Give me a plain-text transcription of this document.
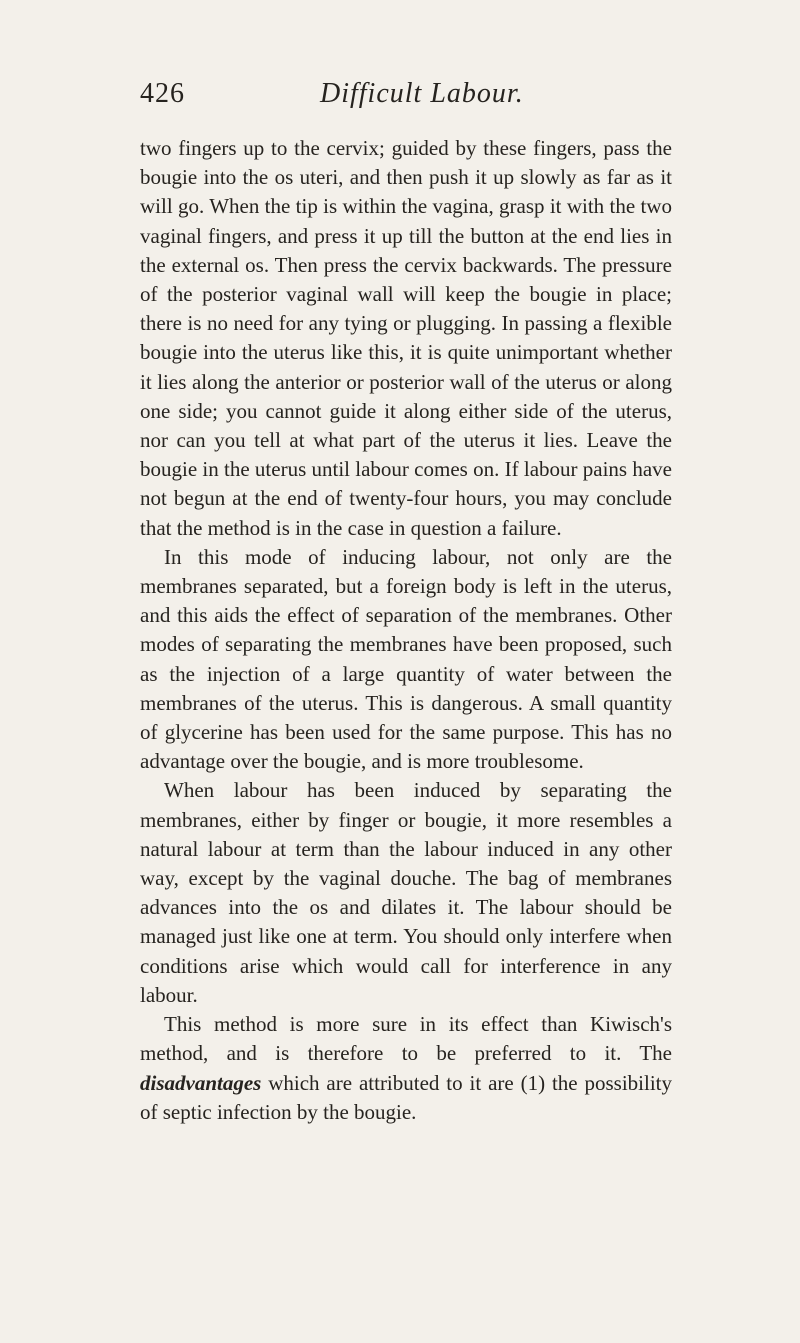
426	Difficult Labour.

two fingers up to the cervix; guided by these fingers, pass the bougie into the os uteri, and then push it up slowly as far as it will go. When the tip is within the vagina, grasp it with the two vaginal fingers, and press it up till the button at the end lies in the external os. Then press the cervix backwards. The pressure of the posterior vaginal wall will keep the bougie in place; there is no need for any tying or plugging. In passing a flexible bougie into the uterus like this, it is quite unimportant whether it lies along the anterior or posterior wall of the uterus or along one side; you cannot guide it along either side of the uterus, nor can you tell at what part of the uterus it lies. Leave the bougie in the uterus until labour comes on. If labour pains have not begun at the end of twenty-four hours, you may conclude that the method is in the case in question a failure.

In this mode of inducing labour, not only are the membranes separated, but a foreign body is left in the uterus, and this aids the effect of separation of the membranes. Other modes of separating the membranes have been proposed, such as the injection of a large quantity of water between the membranes of the uterus. This is dangerous. A small quantity of glycerine has been used for the same purpose. This has no advantage over the bougie, and is more troublesome.

When labour has been induced by separating the membranes, either by finger or bougie, it more resembles a natural labour at term than the labour induced in any other way, except by the vaginal douche. The bag of membranes advances into the os and dilates it. The labour should be managed just like one at term. You should only interfere when conditions arise which would call for interference in any labour.

This method is more sure in its effect than Kiwisch's method, and is therefore to be preferred to it. The disadvantages which are attributed to it are (1) the possibility of septic infection by the bougie.
